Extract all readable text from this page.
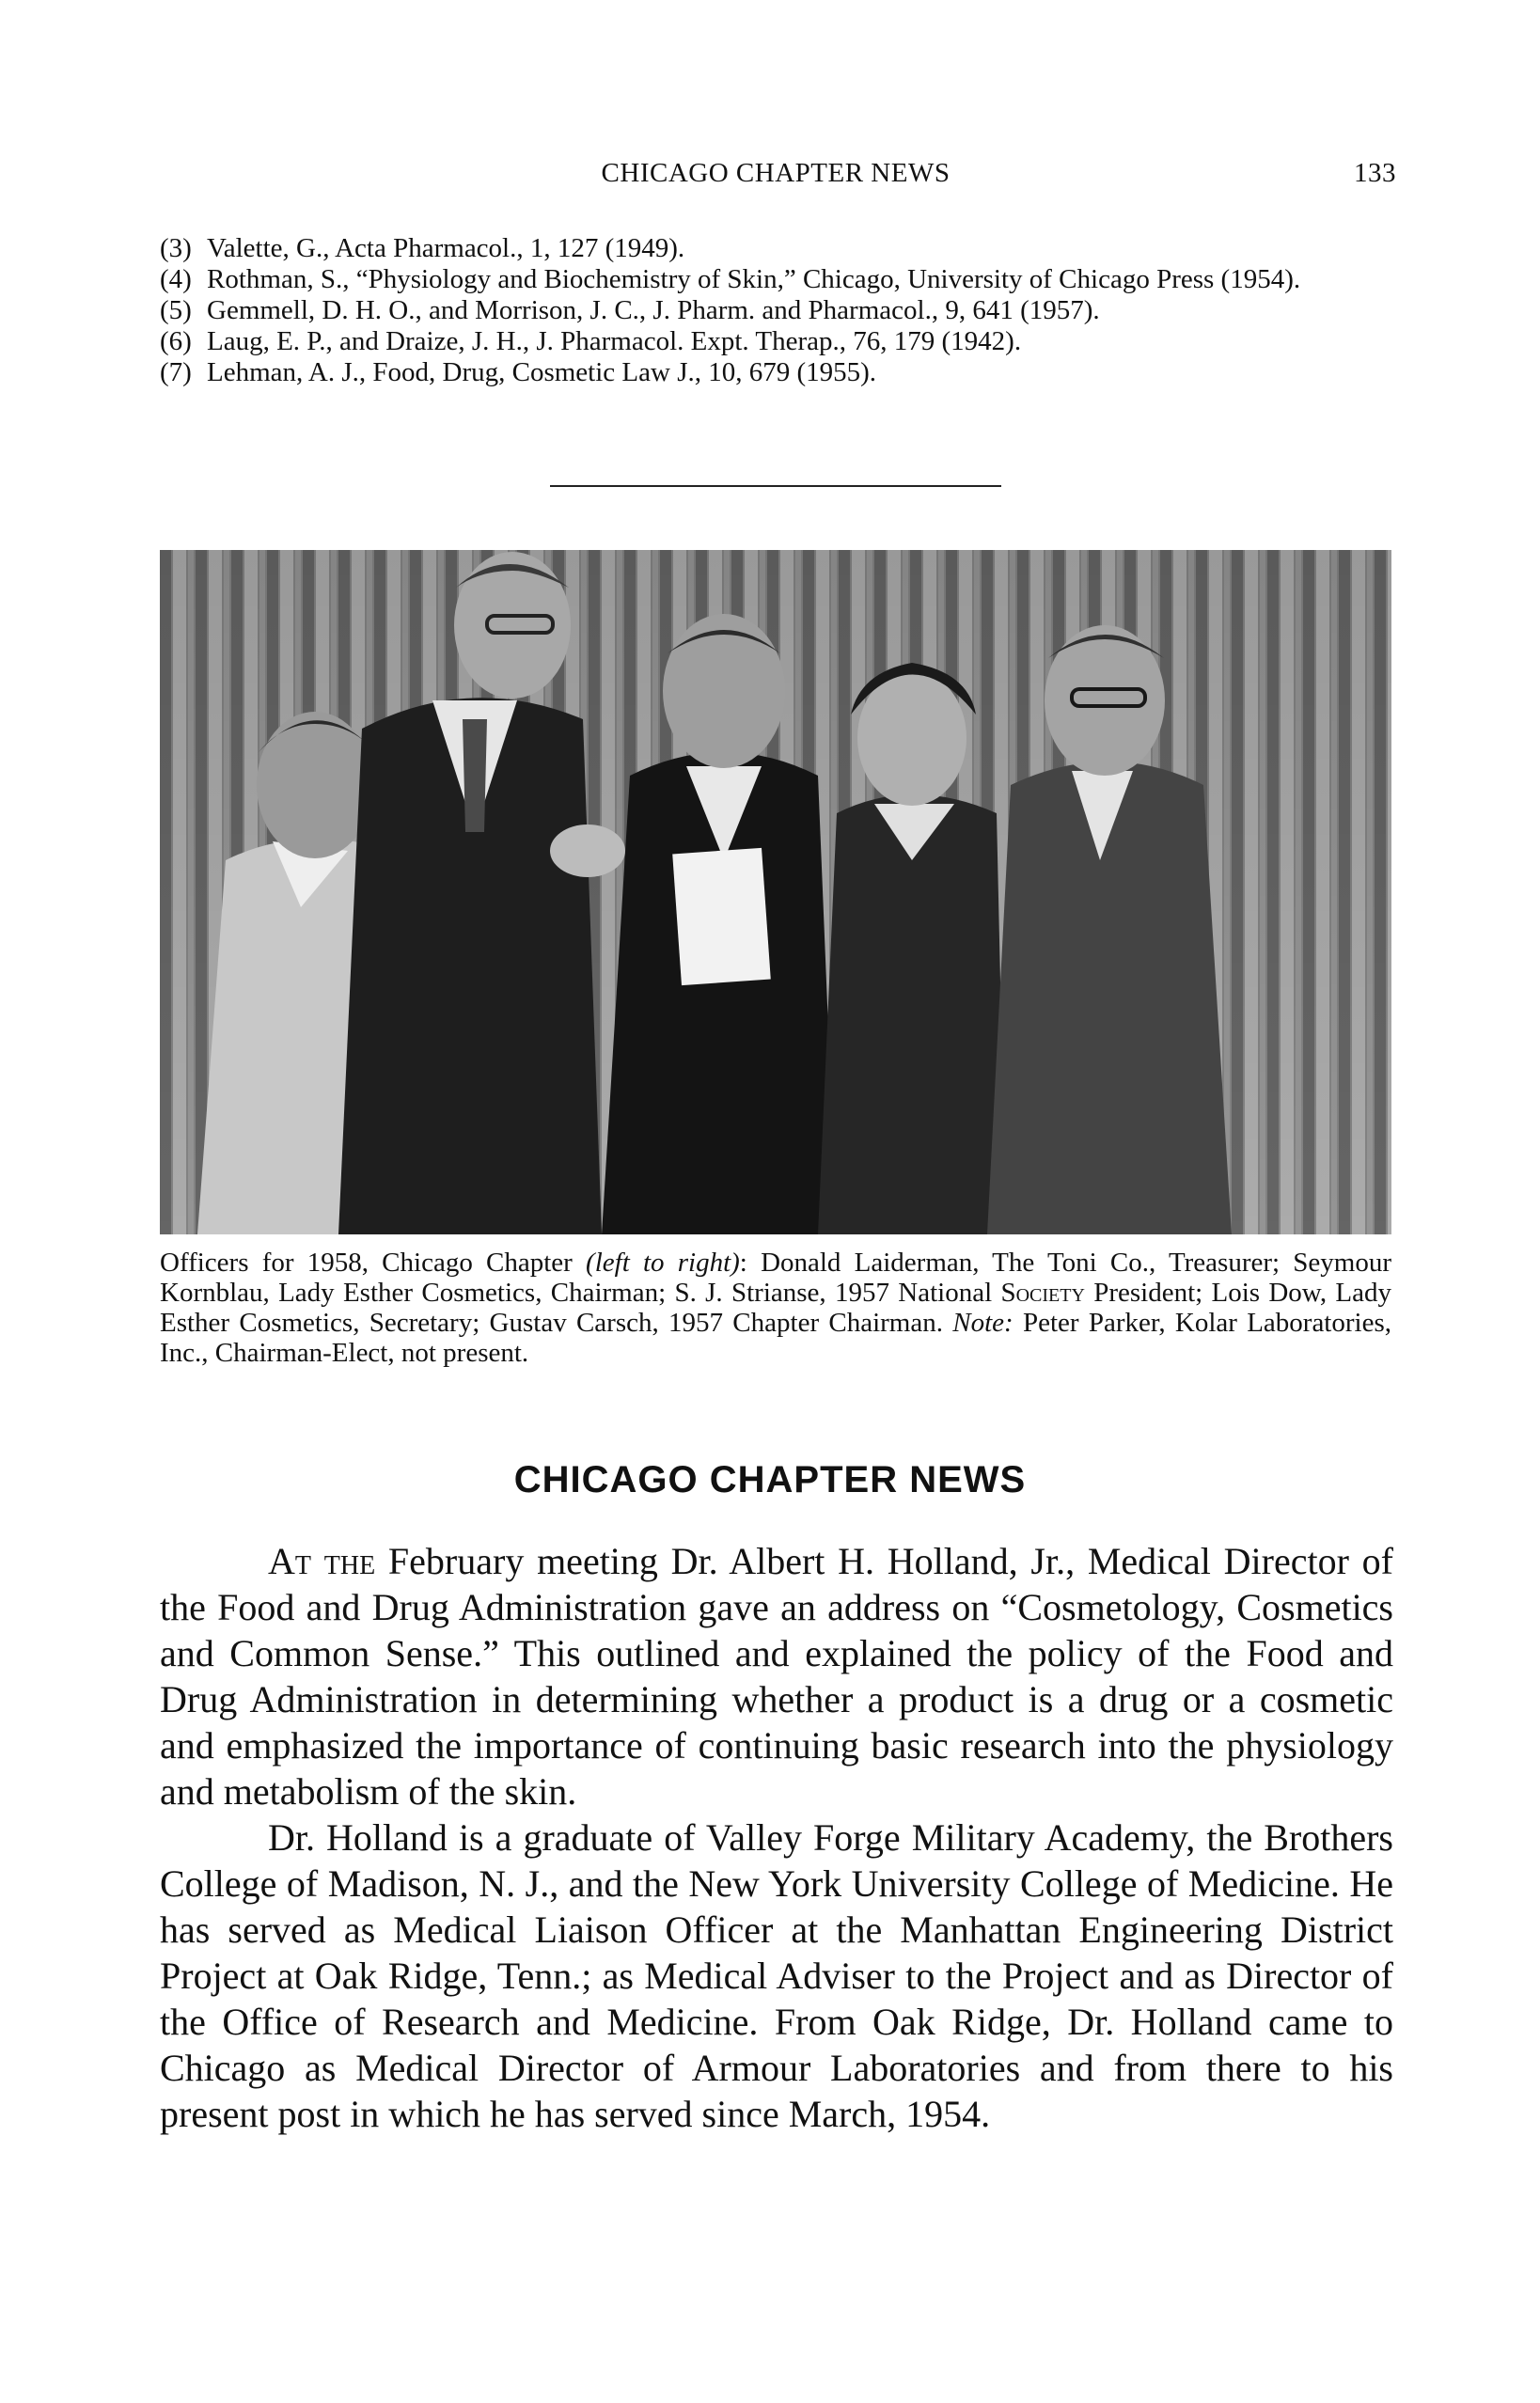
CHICAGO CHAPTER NEWS	133
(3) Valette, G., Acta Pharmacol., 1, 127 (1949).
(4) Rothman, S., “Physiology and Biochemistry of Skin,” Chicago, University of Chicago Press (1954).
(5) Gemmell, D. H. O., and Morrison, J. C., J. Pharm. and Pharmacol., 9, 641 (1957).
(6) Laug, E. P., and Draize, J. H., J. Pharmacol. Expt. Therap., 76, 179 (1942).
(7) Lehman, A. J., Food, Drug, Cosmetic Law J., 10, 679 (1955).
Officers for 1958, Chicago Chapter (left to right): Donald Laiderman, The Toni Co., Treasurer; Seymour Kornblau, Lady Esther Cosmetics, Chairman; S. J. Strianse, 1957 National Society President; Lois Dow, Lady Esther Cosmetics, Secretary; Gustav Carsch, 1957 Chapter Chairman. Note: Peter Parker, Kolar Laboratories, Inc., Chairman-Elect, not present.
CHICAGO CHAPTER NEWS

At the February meeting Dr. Albert H. Holland, Jr., Medical Director of the Food and Drug Administration gave an address on “Cosmetology, Cosmetics and Common Sense.” This outlined and explained the policy of the Food and Drug Administration in determining whether a product is a drug or a cosmetic and emphasized the importance of continuing basic research into the physiology and metabolism of the skin.

Dr. Holland is a graduate of Valley Forge Military Academy, the Brothers College of Madison, N. J., and the New York University College of Medicine. He has served as Medical Liaison Officer at the Manhattan Engineering District Project at Oak Ridge, Tenn.; as Medical Adviser to the Project and as Director of the Office of Research and Medicine. From Oak Ridge, Dr. Holland came to Chicago as Medical Director of Armour Laboratories and from there to his present post in which he has served since March, 1954.
